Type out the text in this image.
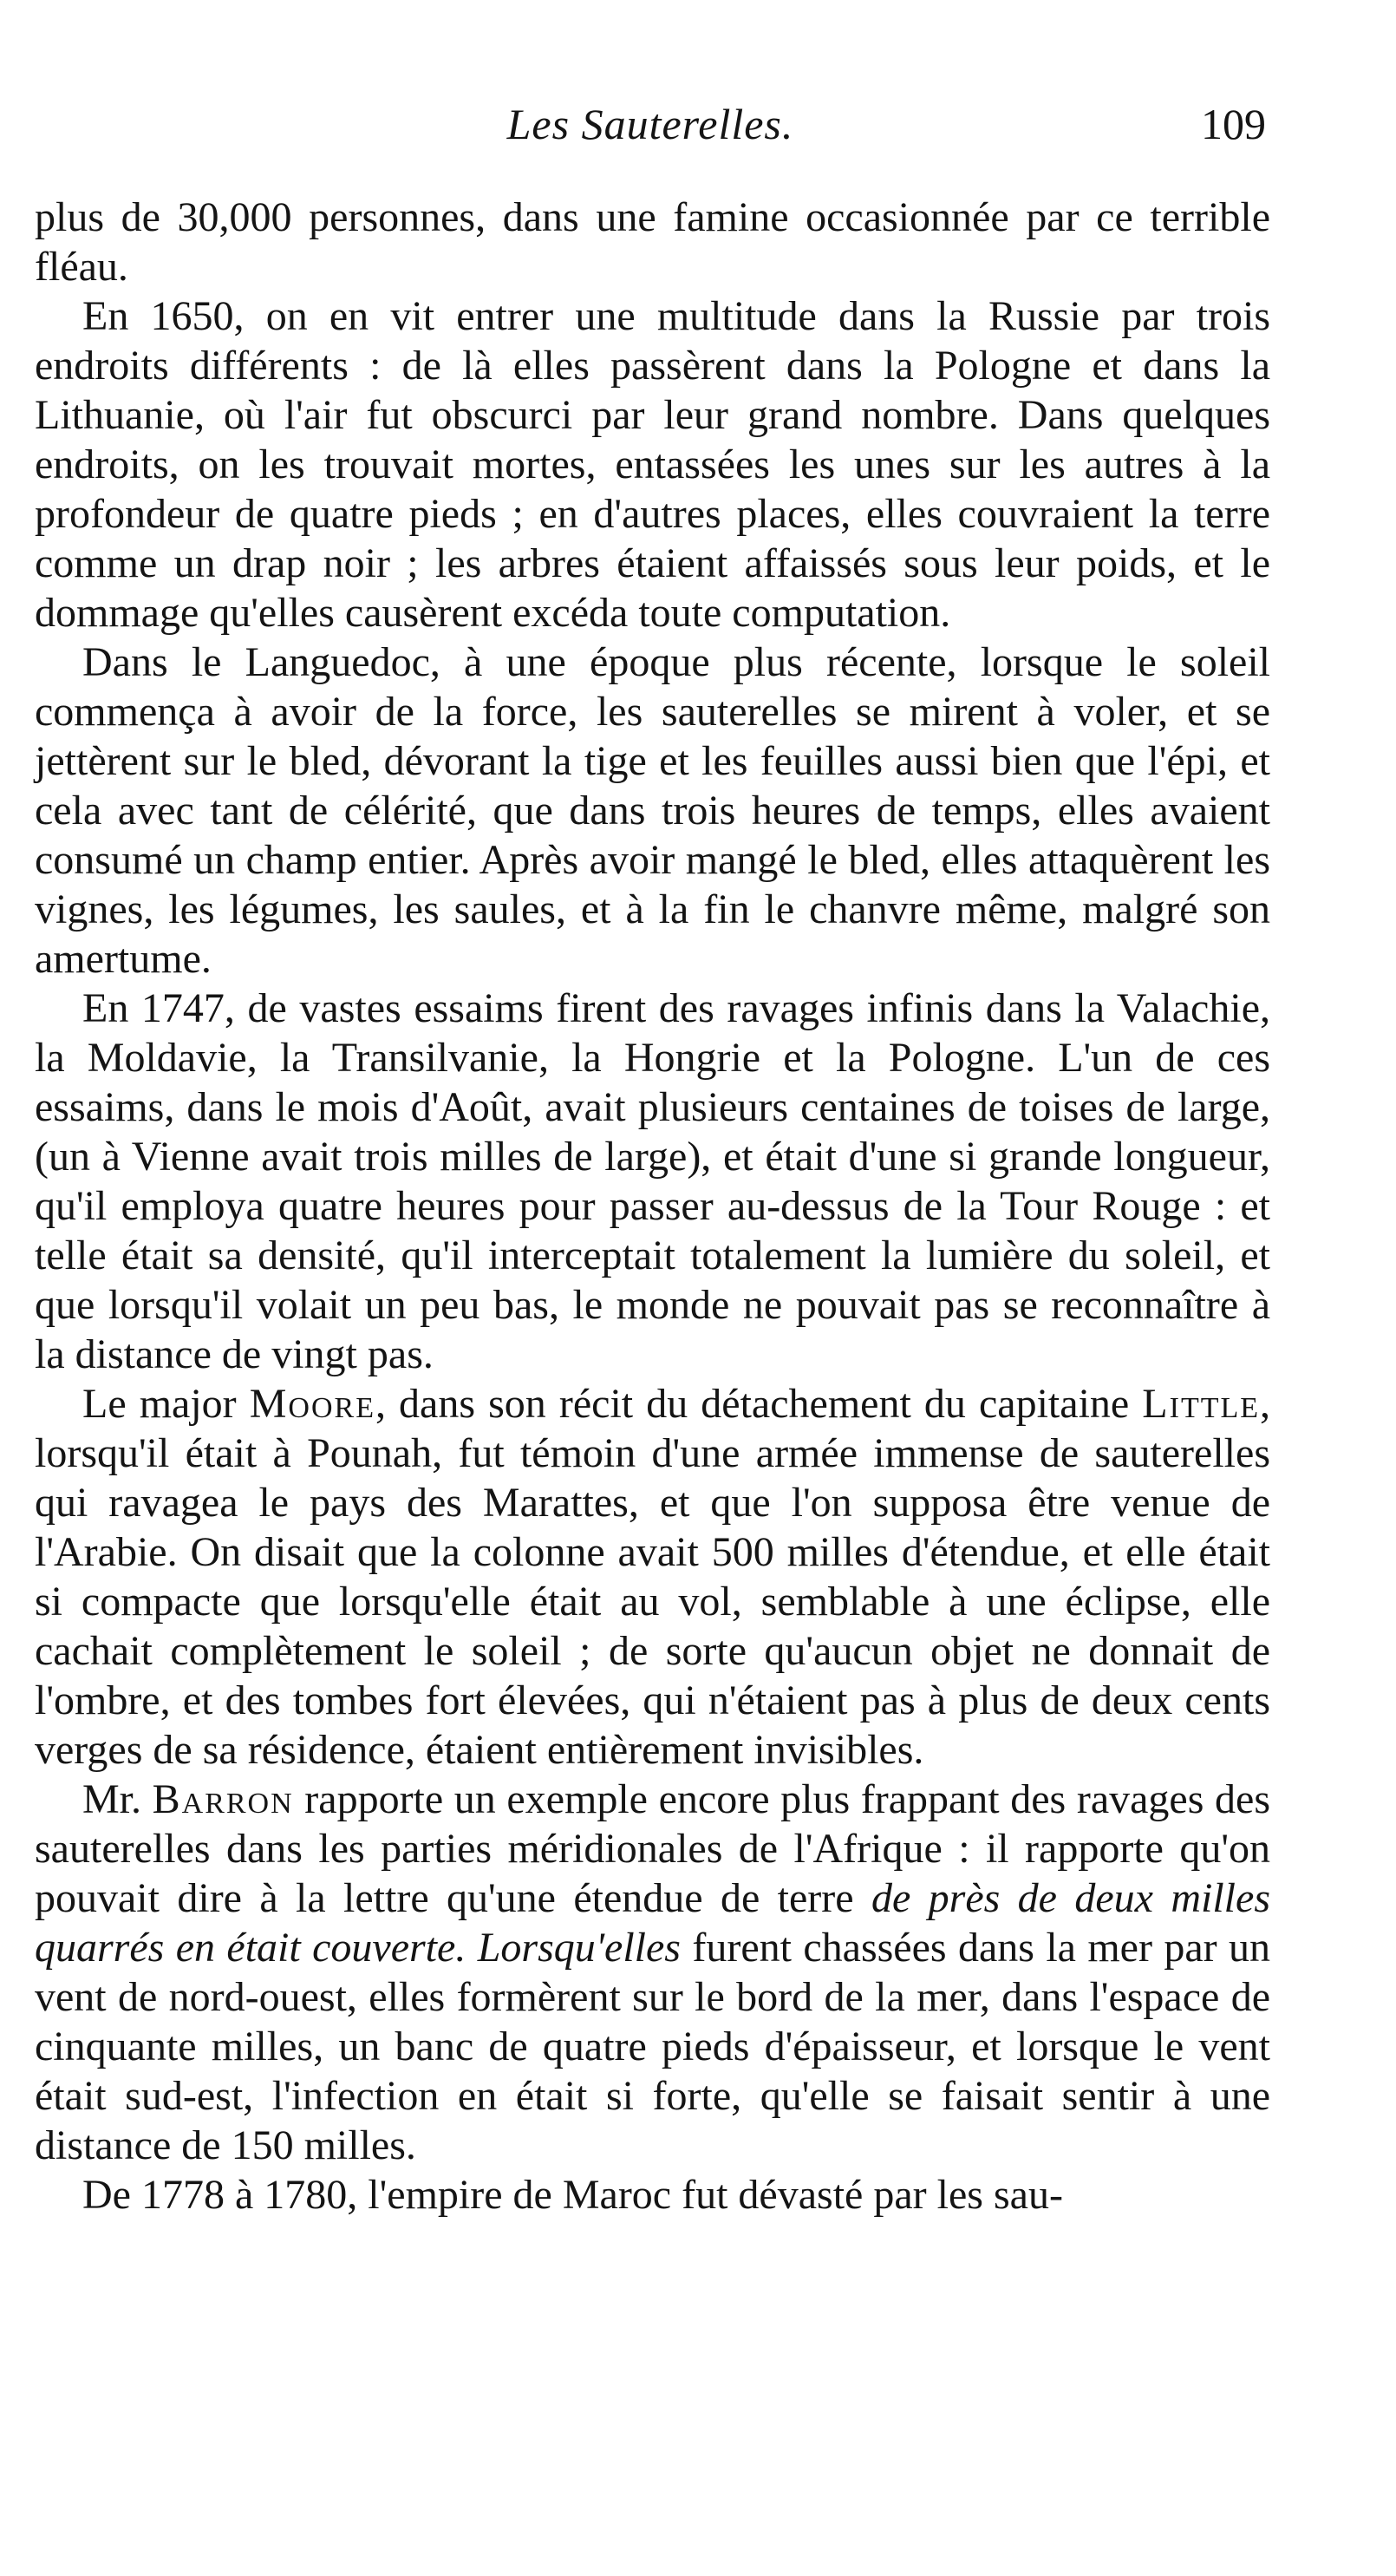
Les Sauterelles.	109

plus de 30,000 personnes, dans une famine occasionnée par ce terrible fléau.

En 1650, on en vit entrer une multitude dans la Russie par trois endroits différents : de là elles passèrent dans la Pologne et dans la Lithuanie, où l'air fut obscurci par leur grand nombre. Dans quelques endroits, on les trouvait mortes, entassées les unes sur les autres à la profondeur de quatre pieds ; en d'autres places, elles couvraient la terre comme un drap noir ; les arbres étaient affaissés sous leur poids, et le dommage qu'elles causèrent excéda toute computation.

Dans le Languedoc, à une époque plus récente, lorsque le soleil commença à avoir de la force, les sauterelles se mirent à voler, et se jettèrent sur le bled, dévorant la tige et les feuilles aussi bien que l'épi, et cela avec tant de célérité, que dans trois heures de temps, elles avaient consumé un champ entier. Après avoir mangé le bled, elles attaquèrent les vignes, les légumes, les saules, et à la fin le chanvre même, malgré son amertume.

En 1747, de vastes essaims firent des ravages infinis dans la Valachie, la Moldavie, la Transilvanie, la Hongrie et la Pologne. L'un de ces essaims, dans le mois d'Août, avait plusieurs centaines de toises de large, (un à Vienne avait trois milles de large), et était d'une si grande longueur, qu'il employa quatre heures pour passer au-dessus de la Tour Rouge : et telle était sa densité, qu'il interceptait totalement la lumière du soleil, et que lorsqu'il volait un peu bas, le monde ne pouvait pas se reconnaître à la distance de vingt pas.

Le major Moore, dans son récit du détachement du capitaine Little, lorsqu'il était à Pounah, fut témoin d'une armée immense de sauterelles qui ravagea le pays des Marattes, et que l'on supposa être venue de l'Arabie. On disait que la colonne avait 500 milles d'étendue, et elle était si compacte que lorsqu'elle était au vol, semblable à une éclipse, elle cachait complètement le soleil ; de sorte qu'aucun objet ne donnait de l'ombre, et des tombes fort élevées, qui n'étaient pas à plus de deux cents verges de sa résidence, étaient entièrement invisibles.

Mr. Barron rapporte un exemple encore plus frappant des ravages des sauterelles dans les parties méridionales de l'Afrique : il rapporte qu'on pouvait dire à la lettre qu'une étendue de terre de près de deux milles quarrés en était couverte. Lorsqu'elles furent chassées dans la mer par un vent de nord-ouest, elles formèrent sur le bord de la mer, dans l'espace de cinquante milles, un banc de quatre pieds d'épaisseur, et lorsque le vent était sud-est, l'infection en était si forte, qu'elle se faisait sentir à une distance de 150 milles.

De 1778 à 1780, l'empire de Maroc fut dévasté par les sau-
